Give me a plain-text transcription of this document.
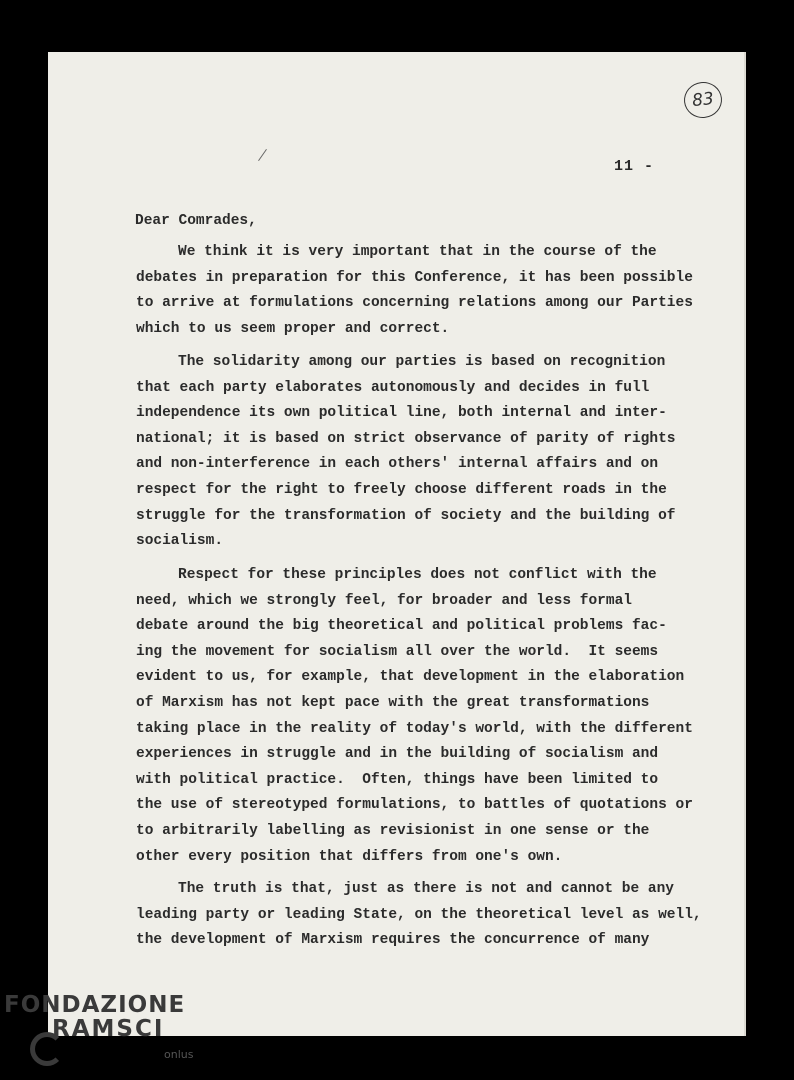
83
11 -
Dear Comrades,

We think it is very important that in the course of the
debates in preparation for this Conference, it has been possible
to arrive at formulations concerning relations among our Parties
which to us seem proper and correct.

The solidarity among our parties is based on recognition
that each party elaborates autonomously and decides in full
independence its own political line, both internal and inter-
national; it is based on strict observance of parity of rights
and non-interference in each others' internal affairs and on
respect for the right to freely choose different roads in the
struggle for the transformation of society and the building of
socialism.

Respect for these principles does not conflict with the
need, which we strongly feel, for broader and less formal
debate around the big theoretical and political problems fac-
ing the movement for socialism all over the world.  It seems
evident to us, for example, that development in the elaboration
of Marxism has not kept pace with the great transformations
taking place in the reality of today's world, with the different
experiences in struggle and in the building of socialism and
with political practice.  Often, things have been limited to
the use of stereotyped formulations, to battles of quotations or
to arbitrarily labelling as revisionist in one sense or the
other every position that differs from one's own.

The truth is that, just as there is not and cannot be any
leading party or leading State, on the theoretical level as well,
the development of Marxism requires the concurrence of many

FONDAZIONE
RAMSCI
onlus
